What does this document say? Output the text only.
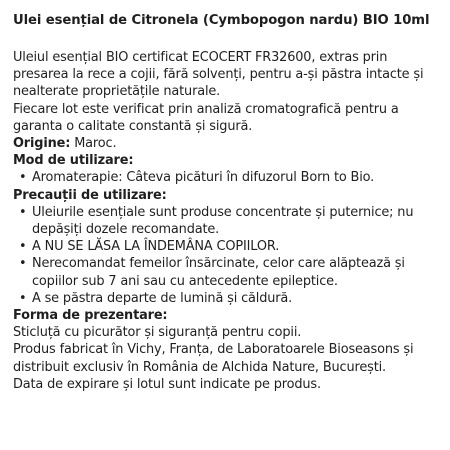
Ulei esențial de Citronela (Cymbopogon nardu) BIO 10ml

Uleiul esențial BIO certificat ECOCERT FR32600, extras prin presarea la rece a cojii, fără solvenți, pentru a-și păstra intacte și nealterate proprietățile naturale.

Fiecare lot este verificat prin analiză cromatografică pentru a garanta o calitate constantă și sigură.

Origine: Maroc.

Mod de utilizare:

• Aromaterapie: Câteva picături în difuzorul Born to Bio.

Precauții de utilizare:

• Uleiurile esențiale sunt produse concentrate și puternice; nu depășiți dozele recomandate.
• A NU SE LĂSA LA ÎNDEMÂNA COPIILOR.
• Nerecomandat femeilor însărcinate, celor care alăptează și copiilor sub 7 ani sau cu antecedente epileptice.
• A se păstra departe de lumină și căldură.

Forma de prezentare:

Sticluță cu picurător și siguranță pentru copii.

Produs fabricat în Vichy, Franța, de Laboratoarele Bioseasons și distribuit exclusiv în România de Alchida Nature, București.

Data de expirare și lotul sunt indicate pe produs.
